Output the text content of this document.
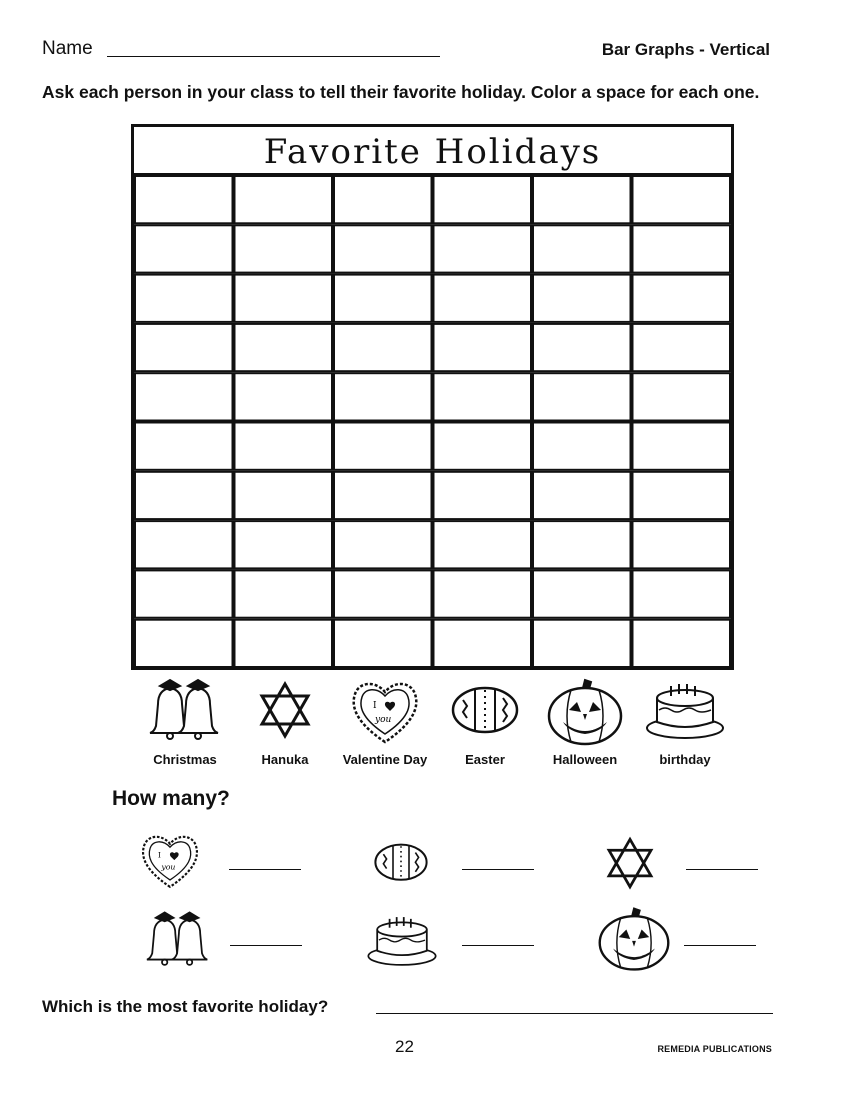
Name	Bar Graphs - Vertical
Ask each person in your class to tell their favorite holiday. Color a space for each one.
Favorite Holidays
Christmas	Hanuka
I
you
Valentine Day	Easter	Halloween	birthday
How many?
I
you
Which is the most favorite holiday?
22	REMEDIA PUBLICATIONS
